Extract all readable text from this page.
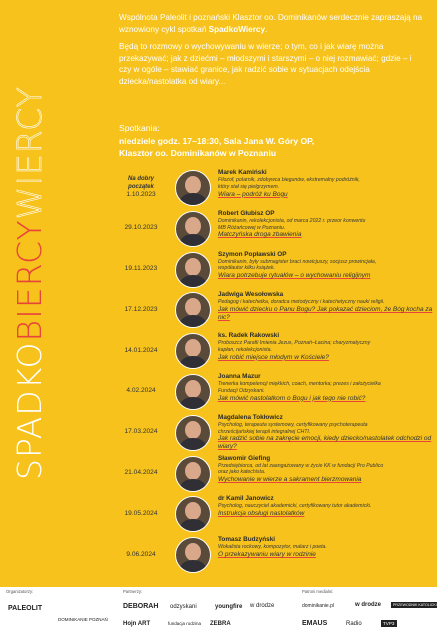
SPADKOBIERCYWIERCY

Wspólnota Paleolit i poznański Klasztor oo. Dominikanów serdecznie zapraszają na wznowiony cykl spotkań SpadkoWiercy.

Będą to rozmowy o wychowywaniu w wierze; o tym, co i jak wiarę można przekazywać; jak z dziećmi – młodszymi i starszymi – o niej rozmawiać; gdzie – i czy w ogóle – stawiać granice, jak radzić sobie w sytuacjach odejścia dziecka/nastolatka od wiary...

Spotkania:
niedziele godz. 17–18:30, Sala Jana W. Góry OP,
Klasztor oo. Dominikanów w Poznaniu
Na dobry
początek
1.10.2023
Marek Kamiński
Filozof, polarnik, zdobywca biegunów, ekstremalny podróżnik,
który stał się pielgrzymem.
Wiara – podróż ku Bogu
29.10.2023
Robert Głubisz OP
Dominikanin, rekolekcjonista, od marca 2022 r. przeor konwentu
MB Różańcowej w Poznaniu.
Matczyńska droga zbawienia
19.11.2023
Szymon Popławski OP
Dominikanin, były submagister braci nowicjuszy, socjusz prowincjała,
współautor kilku książek.
Wiara potrzebuje rytuałów – o wychowaniu religijnym
17.12.2023
Jadwiga Wesołowska
Pedagog i katechetka, doradca metodyczny i katechetyczny nauki religii.
Jak mówić dziecku o Panu Bogu? Jak pokazać dzieciom, że Bóg kocha za nic?
14.01.2024
ks. Radek Rakowski
Proboszcz Parafii Imienia Jezus, Poznań–Łacina; charyzmatyczny
kapłan, rekolekcjonista.
Jak robić miejsce młodym w Kościele?
4.02.2024
Joanna Mazur
Trenerka kompetencji miękkich, coach, mentorka; prezes i założycielka
Fundacji Odzyskani.
Jak mówić nastolatkom o Bogu i jak tego nie robić?
17.03.2024
Magdalena Tokłowicz
Psycholog, terapeuta systemowy, certyfikowany psychoterapeuta
chrześcijańskiej terapii integralnej CHTI.
Jak radzić sobie na zakręcie emocji, kiedy dziecko/nastolatek odchodzi od wiary?
21.04.2024
Sławomir Giefing
Przedsiębiorca, od lat zaangażowany w życie KK w fundacji Pro Publico
oraz jako katechista.
Wychowanie w wierze a sakrament bierzmowania
19.05.2024
dr Kamil Janowicz
Psycholog, nauczyciel akademicki, certyfikowany tutor akademicki.
Instrukcja obsługi nastolatków
9.06.2024
Tomasz Budzyński
Wokalista rockowy, kompozytor, malarz i poeta.
O przekazywaniu wiary w rodzinie
Organizatorzy:
PALEOLIT
DOMINIKANIE POZNAŃ
Partnerzy:
DEBORAH odzyskani	youngfire w drodze
Hojn ART	fundacja rodzina ZEBRA
Patroni medialni:
dominikanie.pl	w drodze	PRZEWODNIK KATOLICKI
EMAUS	Radio	TVP3
